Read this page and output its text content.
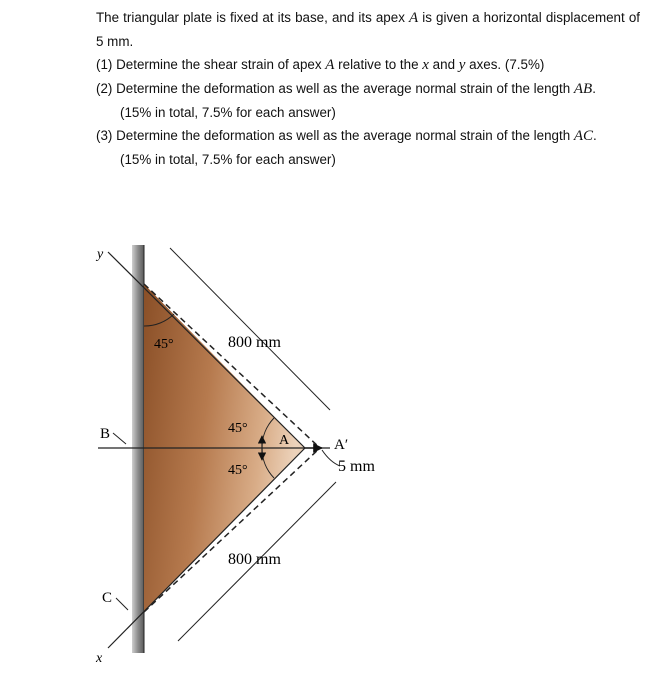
The triangular plate is fixed at its base, and its apex A is given a horizontal displacement of 5 mm.

(1) Determine the shear strain of apex A relative to the x and y axes. (7.5%)

(2) Determine the deformation as well as the average normal strain of the length AB.
(15% in total, 7.5% for each answer)

(3) Determine the deformation as well as the average normal strain of the length AC.
(15% in total, 7.5% for each answer)

y
x
B
C
A	A′
45°
45°
45°
800 mm
800 mm
5 mm
